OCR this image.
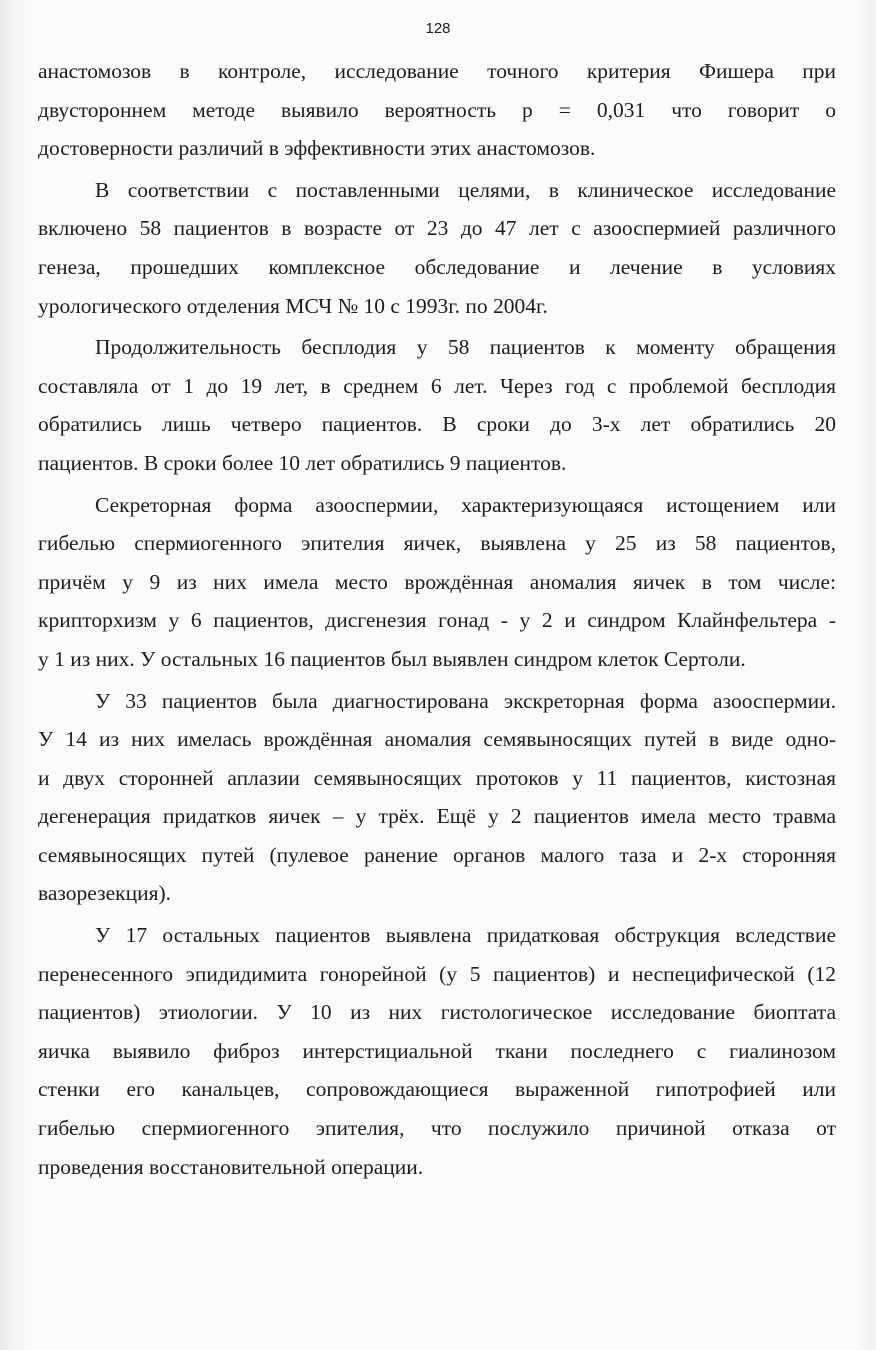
128
анастомозов в контроле, исследование точного критерия Фишера при
двустороннем методе выявило вероятность р = 0,031 что говорит о
достоверности различий в эффективности этих анастомозов.
В соответствии с поставленными целями, в клиническое исследование
включено 58 пациентов в возрасте от 23 до 47 лет с азооспермией различного
генеза, прошедших комплексное обследование и лечение в условиях
урологического отделения МСЧ № 10 с 1993г. по 2004г.
Продолжительность бесплодия у 58 пациентов к моменту обращения
составляла от 1 до 19 лет, в среднем 6 лет. Через год с проблемой бесплодия
обратились лишь четверо пациентов. В сроки до 3-х лет обратились 20
пациентов. В сроки более 10 лет обратились 9 пациентов.
Секреторная форма азооспермии, характеризующаяся истощением или
гибелью спермиогенного эпителия яичек, выявлена у 25 из 58 пациентов,
причём у 9 из них имела место врождённая аномалия яичек в том числе:
крипторхизм у 6 пациентов, дисгенезия гонад - у 2 и синдром Клайнфельтера -
у 1 из них. У остальных 16 пациентов был выявлен синдром клеток Сертоли.
У 33 пациентов была диагностирована экскреторная форма азооспермии.
У 14 из них имелась врождённая аномалия семявыносящих путей в виде одно-
и двух сторонней аплазии семявыносящих протоков у 11 пациентов, кистозная
дегенерация придатков яичек – у трёх. Ещё у 2 пациентов имела место травма
семявыносящих путей (пулевое ранение органов малого таза и 2-х сторонняя
вазорезекция).
У 17 остальных пациентов выявлена придатковая обструкция вследствие
перенесенного эпидидимита гонорейной (у 5 пациентов) и неспецифической (12
пациентов) этиологии. У 10 из них гистологическое исследование биоптата
яичка выявило фиброз интерстициальной ткани последнего с гиалинозом
стенки его канальцев, сопровождающиеся выраженной гипотрофией или
гибелью спермиогенного эпителия, что послужило причиной отказа от
проведения восстановительной операции.
